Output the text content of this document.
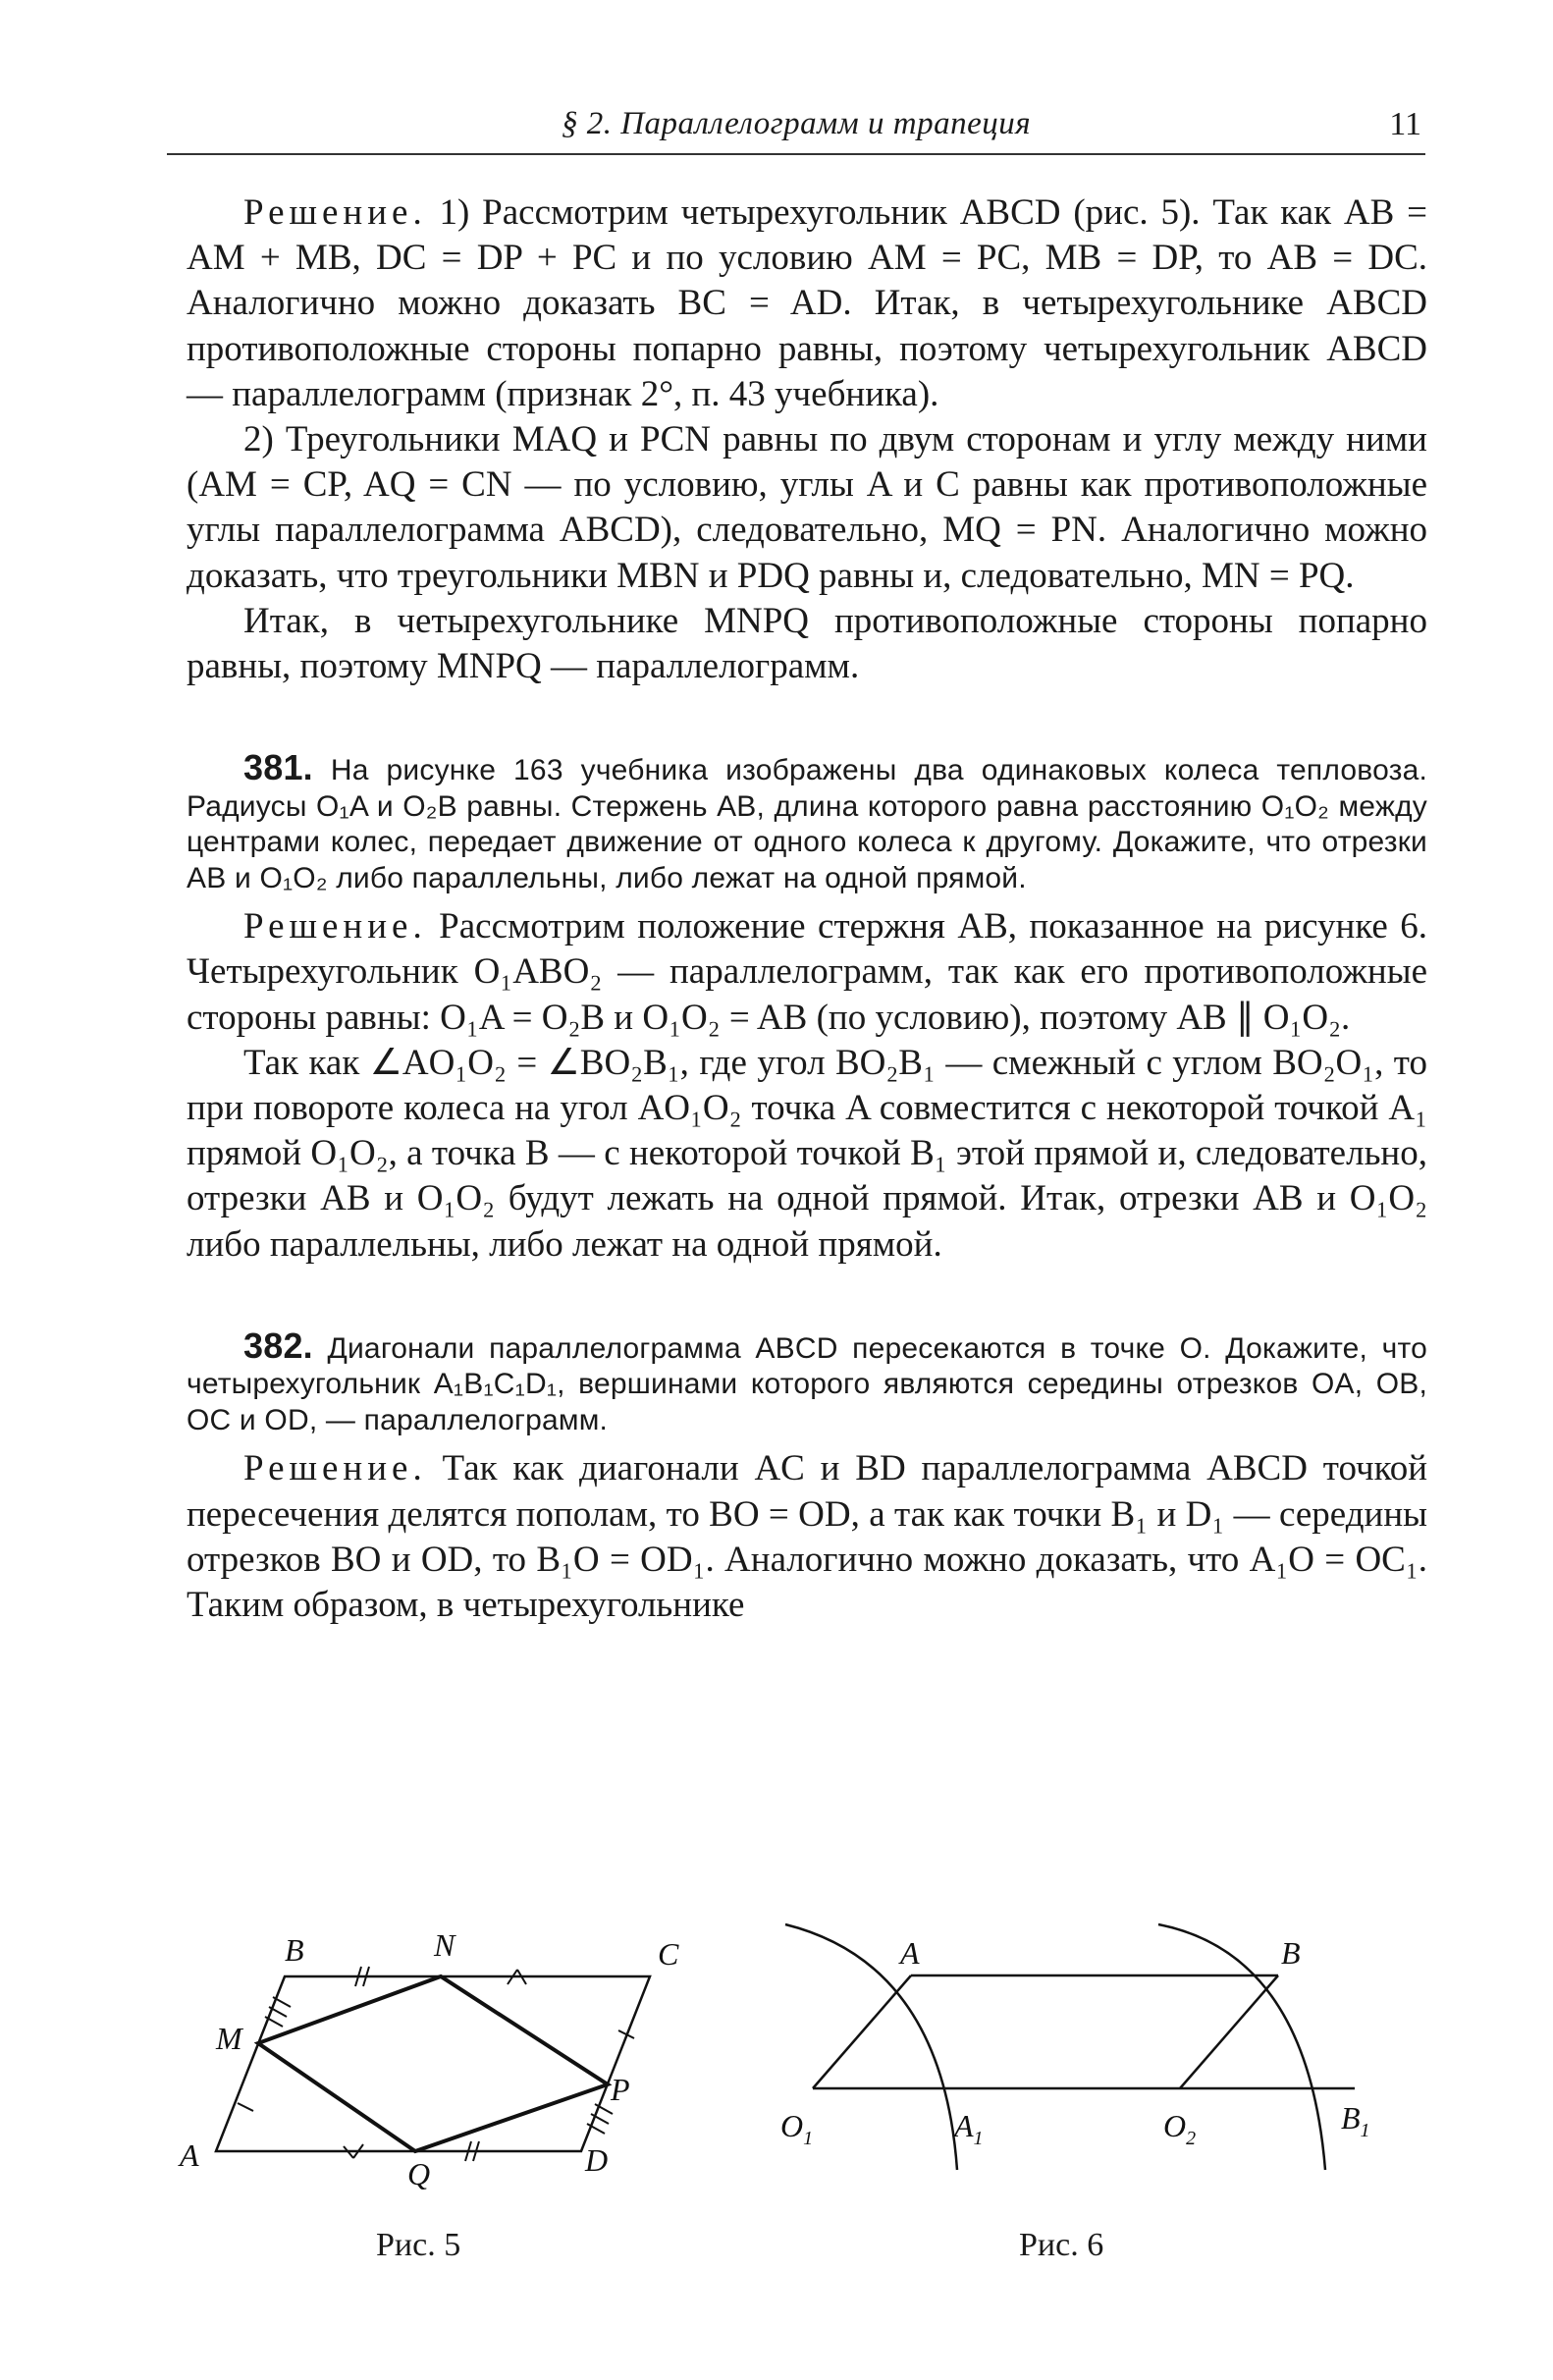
§ 2. Параллелограмм и трапеция	11

Решение. 1) Рассмотрим четырехугольник ABCD (рис. 5). Так как AB = AM + MB, DC = DP + PC и по условию AM = PC, MB = DP, то AB = DC. Аналогично можно доказать BC = AD. Итак, в четырехугольнике ABCD противоположные стороны попарно равны, поэтому четырехугольник ABCD — параллелограмм (признак 2°, п. 43 учебника).

2) Треугольники MAQ и PCN равны по двум сторонам и углу между ними (AM = CP, AQ = CN — по условию, углы A и C равны как противоположные углы параллелограмма ABCD), следовательно, MQ = PN. Аналогично можно доказать, что треугольники MBN и PDQ равны и, следовательно, MN = PQ.

Итак, в четырехугольнике MNPQ противоположные стороны попарно равны, поэтому MNPQ — параллелограмм.

381. На рисунке 163 учебника изображены два одинаковых колеса тепловоза. Радиусы O₁A и O₂B равны. Стержень AB, длина которого равна расстоянию O₁O₂ между центрами колес, передает движение от одного колеса к другому. Докажите, что отрезки AB и O₁O₂ либо параллельны, либо лежат на одной прямой.

Решение. Рассмотрим положение стержня AB, показанное на рисунке 6. Четырехугольник O₁ABO₂ — параллелограмм, так как его противоположные стороны равны: O₁A = O₂B и O₁O₂ = AB (по условию), поэтому AB ∥ O₁O₂.

Так как ∠AO₁O₂ = ∠BO₂B₁, где угол BO₂B₁ — смежный с углом BO₂O₁, то при повороте колеса на угол AO₁O₂ точка A совместится с некоторой точкой A₁ прямой O₁O₂, а точка B — с некоторой точкой B₁ этой прямой и, следовательно, отрезки AB и O₁O₂ будут лежать на одной прямой. Итак, отрезки AB и O₁O₂ либо параллельны, либо лежат на одной прямой.

382. Диагонали параллелограмма ABCD пересекаются в точке O. Докажите, что четырехугольник A₁B₁C₁D₁, вершинами которого являются середины отрезков OA, OB, OC и OD, — параллелограмм.

Решение. Так как диагонали AC и BD параллелограмма ABCD точкой пересечения делятся пополам, то BO = OD, а так как точки B₁ и D₁ — середины отрезков BO и OD, то B₁O = OD₁. Аналогично можно доказать, что A₁O = OC₁. Таким образом, в четырехугольнике

B	N	C
M
P
A
Q	D
Рис. 5
A	B
$O_1$	$A_1$	$O_2$
$B_1$
Рис. 6
